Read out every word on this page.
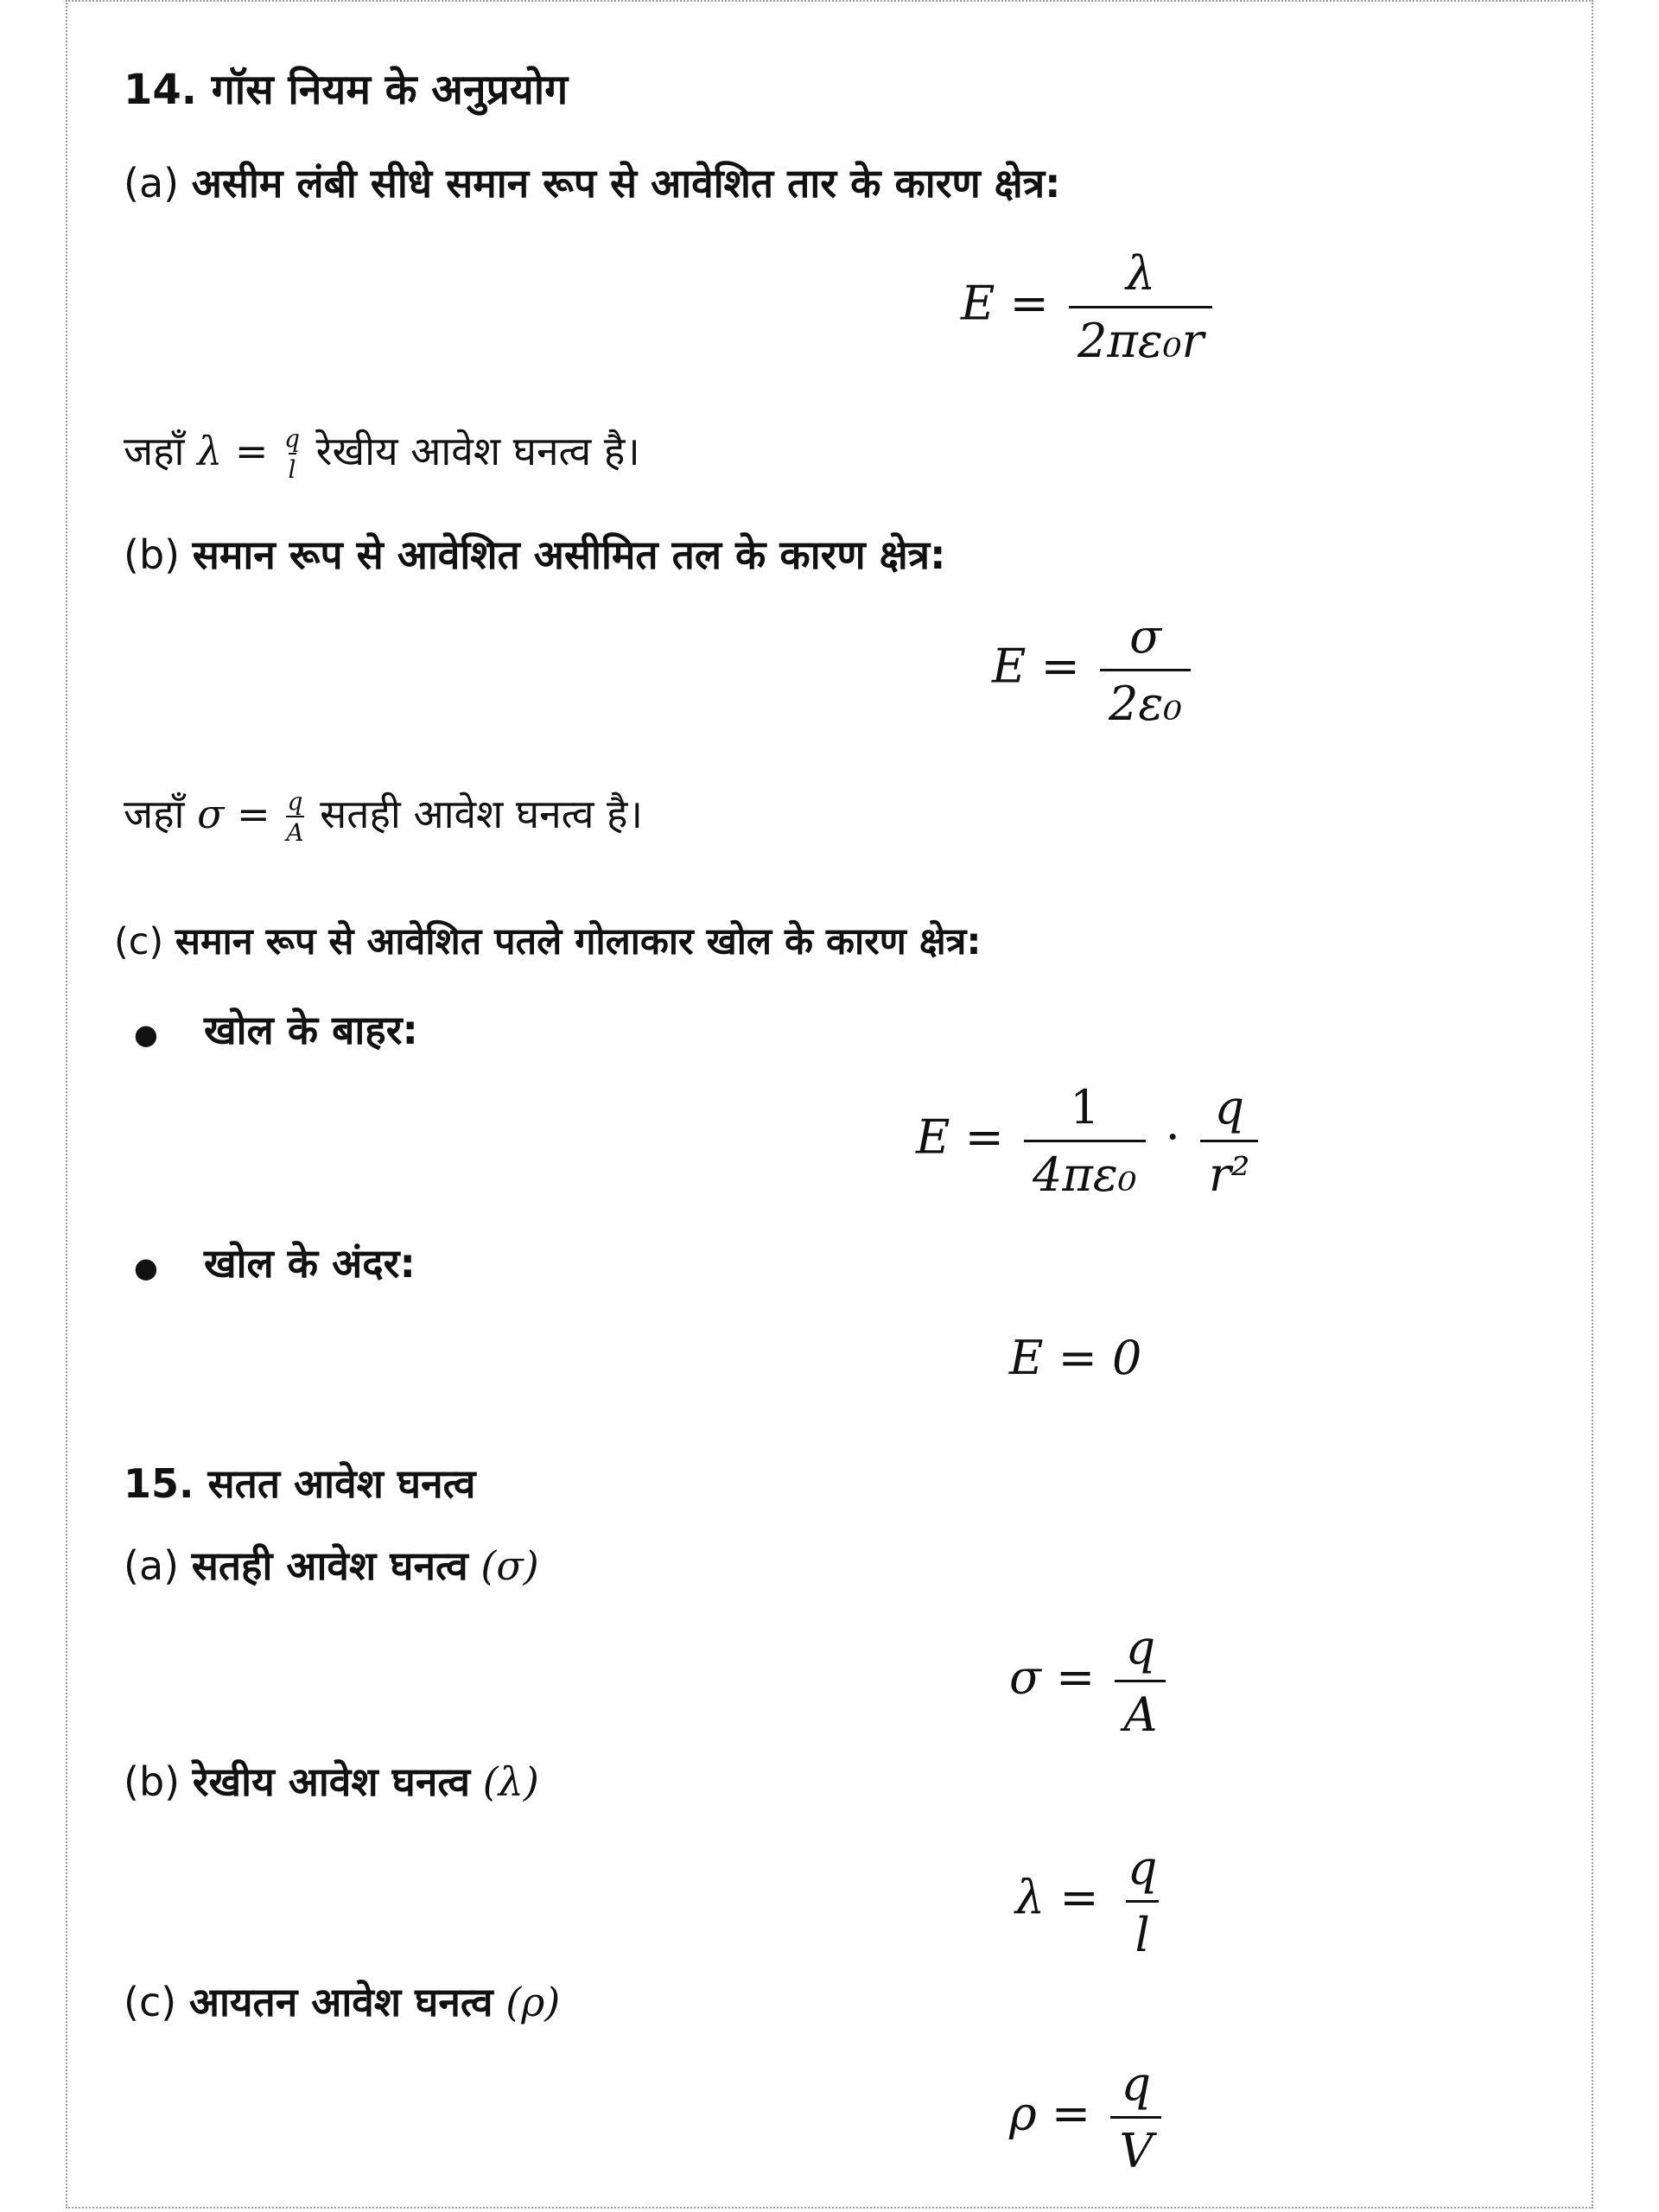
14. गॉस नियम के अनुप्रयोग
(a) असीम लंबी सीधे समान रूप से आवेशित तार के कारण क्षेत्र:
$E = \frac{\lambda}{\text{2πε₀r}}$
जहाँ $\lambda = \frac{q}{l}$ रेखीय आवेश घनत्व है।
(b) समान रूप से आवेशित असीमित तल के कारण क्षेत्र:
$E = \frac{\sigma}{\text{2ε₀}}$
जहाँ $\sigma = \frac{q}{A}$ सतही आवेश घनत्व है।
(c) समान रूप से आवेशित पतले गोलाकार खोल के कारण क्षेत्र:
● खोल के बाहर:
$E = \frac{1}{\text{4πε₀}} \cdot \frac{q}{\text{r²}}$
● खोल के अंदर:
E = 0
15. सतत आवेश घनत्व
(a) सतही आवेश घनत्व (σ)
$\sigma = \frac{q}{A}$
(b) रेखीय आवेश घनत्व (λ)
$\lambda = \frac{q}{l}$
(c) आयतन आवेश घनत्व (ρ)
$\rho = \frac{q}{V}$
